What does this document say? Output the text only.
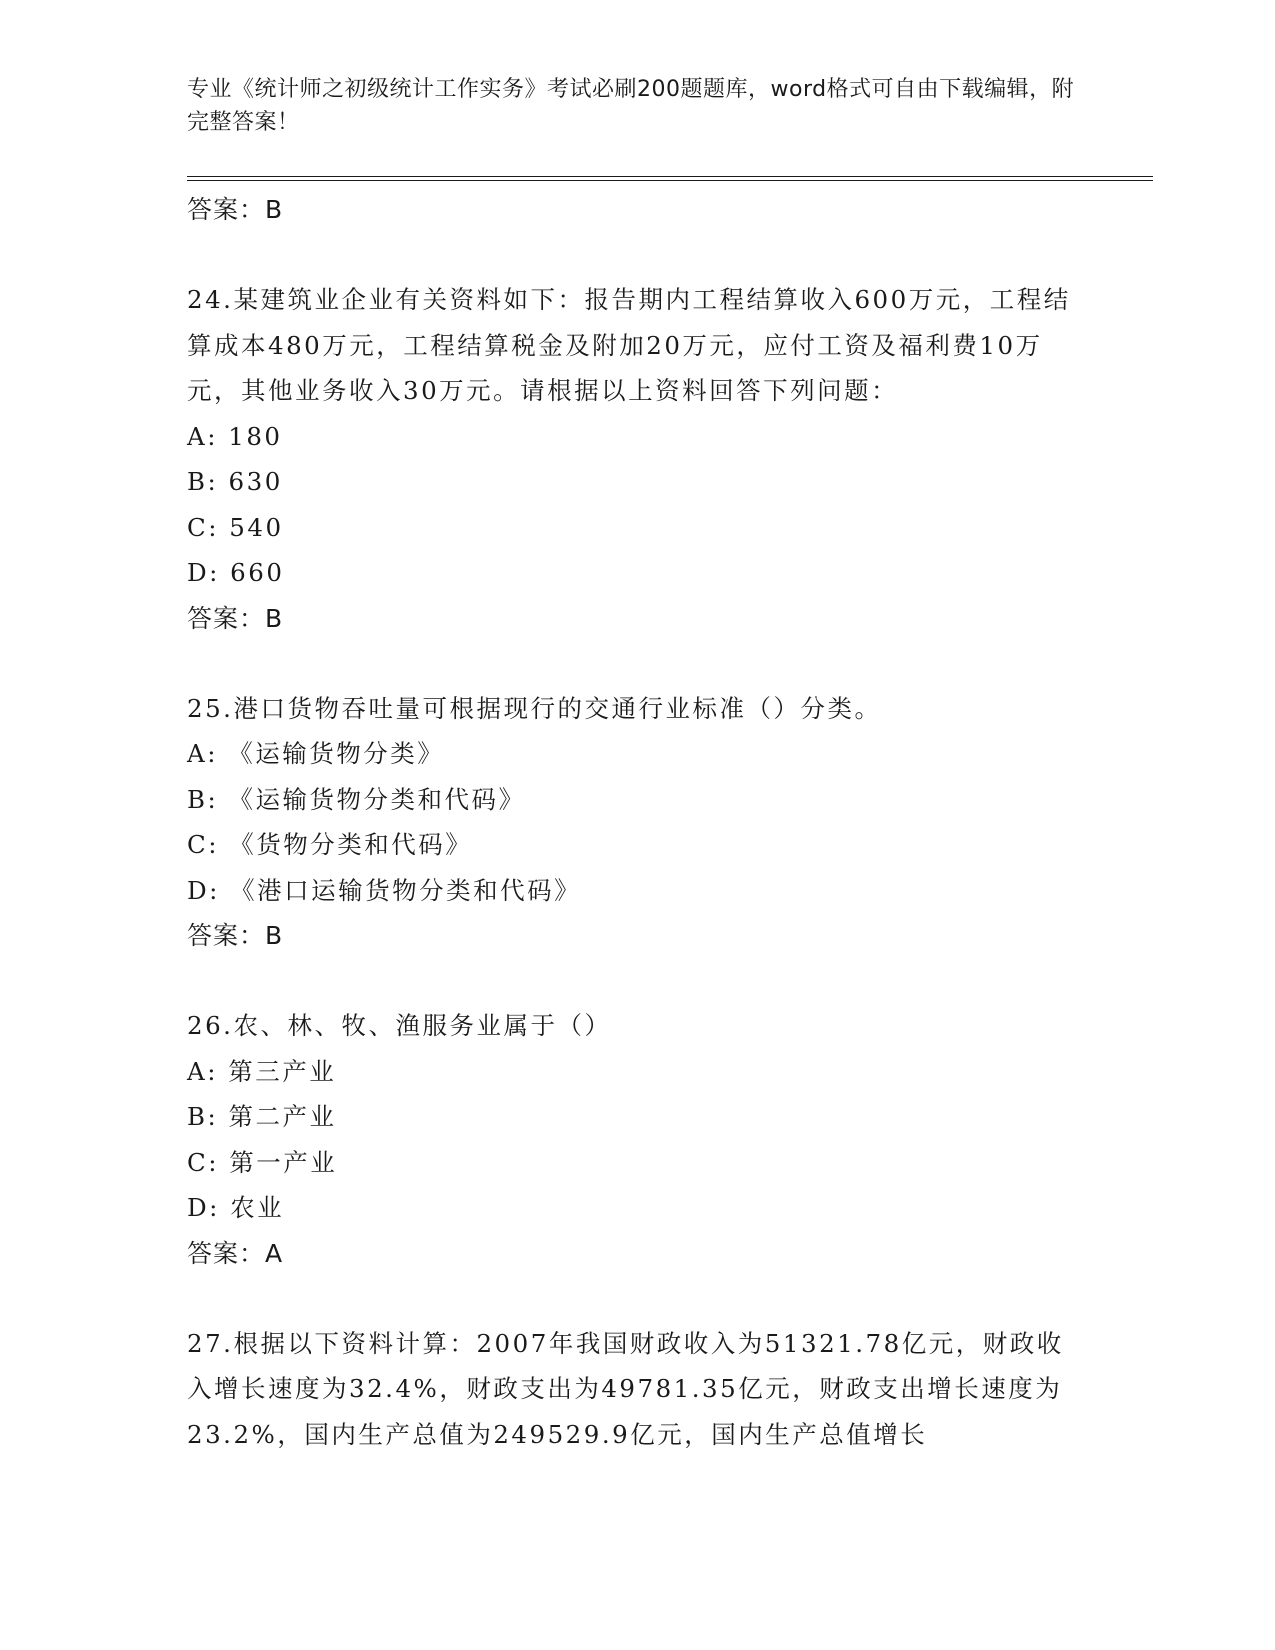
专业《统计师之初级统计工作实务》考试必刷200题题库，word格式可自由下载编辑，附完整答案！
答案：B

24.某建筑业企业有关资料如下：报告期内工程结算收入600万元，工程结算成本480万元，工程结算税金及附加20万元，应付工资及福利费10万元，其他业务收入30万元。请根据以上资料回答下列问题：

A: 180
B: 630
C: 540
D: 660
答案：B

25.港口货物吞吐量可根据现行的交通行业标准（）分类。

A: 《运输货物分类》
B: 《运输货物分类和代码》
C: 《货物分类和代码》
D: 《港口运输货物分类和代码》
答案：B

26.农、林、牧、渔服务业属于（）

A: 第三产业
B: 第二产业
C: 第一产业
D: 农业
答案：A

27.根据以下资料计算：2007年我国财政收入为51321.78亿元，财政收入增长速度为32.4%，财政支出为49781.35亿元，财政支出增长速度为23.2%，国内生产总值为249529.9亿元，国内生产总值增长
